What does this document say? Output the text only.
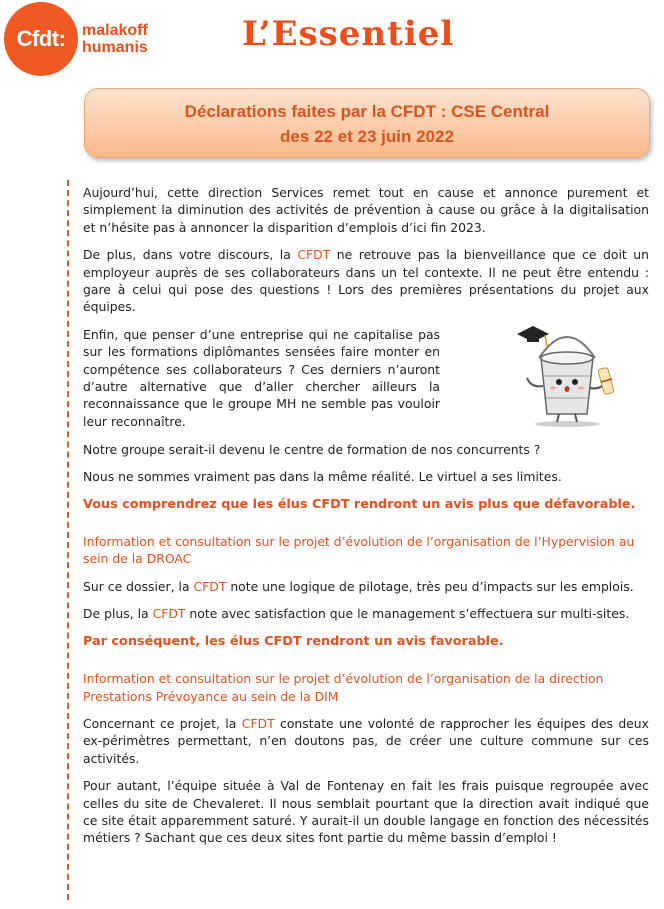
Cfdt: malakoff
humanis	L’Essentiel
Déclarations faites par la CFDT : CSE Central
des 22 et 23 juin 2022

Aujourd’hui, cette direction Services remet tout en cause et annonce purement et simplement la diminution des activités de prévention à cause ou grâce à la digitalisation et n’hésite pas à annoncer la disparition d’emplois d’ici fin 2023.

De plus, dans votre discours, la CFDT ne retrouve pas la bienveillance que ce doit un employeur auprès de ses collaborateurs dans un tel contexte. Il ne peut être entendu : gare à celui qui pose des questions ! Lors des premières présentations du projet aux équipes.

Enfin, que penser d’une entreprise qui ne capitalise pas sur les formations diplômantes sensées faire monter en compétence ses collaborateurs ? Ces derniers n’auront d’autre alternative que d’aller chercher ailleurs la reconnaissance que le groupe MH ne semble pas vouloir leur reconnaître.

Notre groupe serait-il devenu le centre de formation de nos concurrents ?

Nous ne sommes vraiment pas dans la même réalité. Le virtuel a ses limites.

Vous comprendrez que les élus CFDT rendront un avis plus que défavorable.

Information et consultation sur le projet d’évolution de l’organisation de l’Hypervision au sein de la DROAC

Sur ce dossier, la CFDT note une logique de pilotage, très peu d’impacts sur les emplois.

De plus, la CFDT note avec satisfaction que le management s’effectuera sur multi-sites.

Par conséquent, les élus CFDT rendront un avis favorable.

Information et consultation sur le projet d’évolution de l’organisation de la direction Prestations Prévoyance au sein de la DIM

Concernant ce projet, la CFDT constate une volonté de rapprocher les équipes des deux ex-périmètres permettant, n’en doutons pas, de créer une culture commune sur ces activités.

Pour autant, l’équipe située à Val de Fontenay en fait les frais puisque regroupée avec celles du site de Chevaleret. Il nous semblait pourtant que la direction avait indiqué que ce site était apparemment saturé. Y aurait-il un double langage en fonction des nécessités métiers ? Sachant que ces deux sites font partie du même bassin d’emploi !
